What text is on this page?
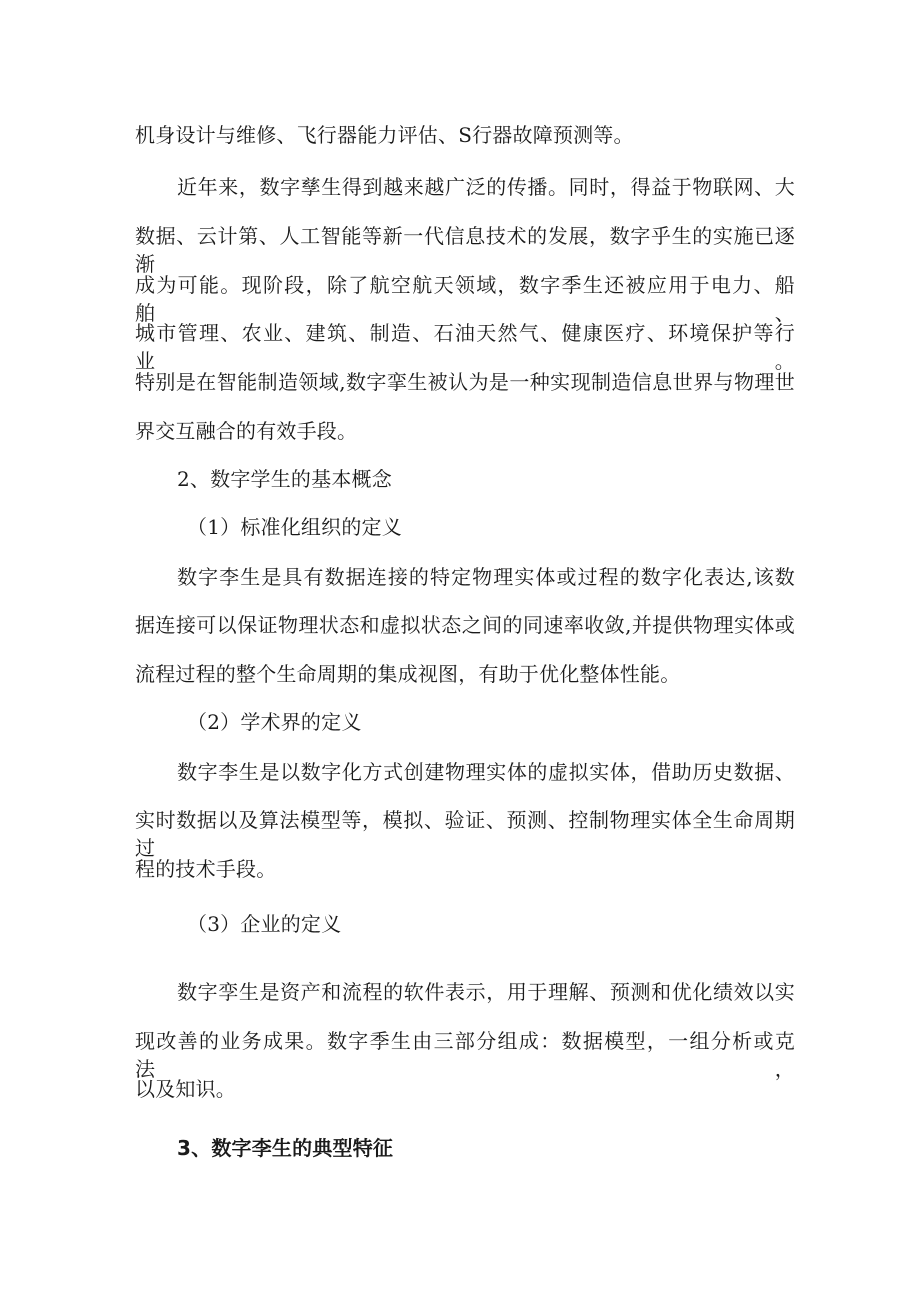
机身设计与维修、飞行器能力评估、S行器故障预测等。
近年来，数字孳生得到越来越广泛的传播。同时，得益于物联网、大
数据、云计第、人工智能等新一代信息技术的发展，数字乎生的实施已逐渐
成为可能。现阶段，除了航空航天领域，数字季生还被应用于电力、船舶、
城市管理、农业、建筑、制造、石油天然气、健康医疗、环境保护等行业。
特别是在智能制造领域,数字挛生被认为是一种实现制造信息世界与物理世
界交互融合的有效手段。
2、数字学生的基本概念
（1）标准化组织的定义
数字李生是具有数据连接的特定物理实体或过程的数字化表达,该数
据连接可以保证物理状态和虚拟状态之间的同速率收敛,并提供物理实体或
流程过程的整个生命周期的集成视图，有助于优化整体性能。
（2）学术界的定义
数字李生是以数字化方式创建物理实体的虚拟实体，借助历史数据、
实时数据以及算法模型等，模拟、验证、预测、控制物理实体全生命周期过
程的技术手段。
（3）企业的定义
数字孪生是资产和流程的软件表示，用于理解、预测和优化绩效以实
现改善的业务成果。数字季生由三部分组成：数据模型，一组分析或克法，
以及知识。
3、数字李生的典型特征
